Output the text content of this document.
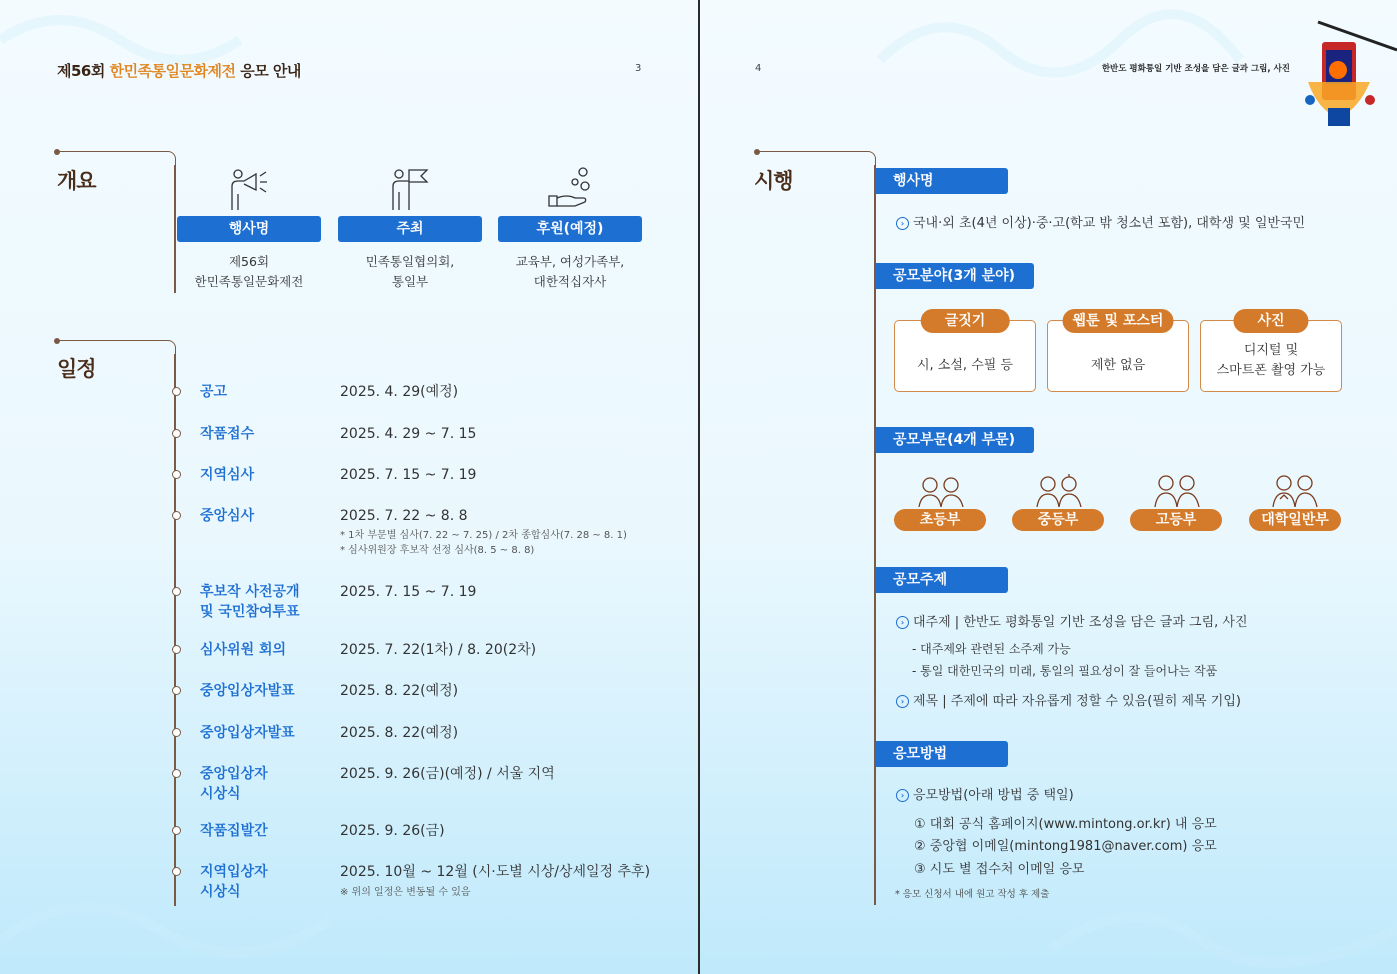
제56회 한민족통일문화제전 응모 안내	3	4	한반도 평화통일 기반 조성을 담은 글과 그림, 사진
개요
행사명
제56회
한민족통일문화제전
주최
민족통일협의회,
통일부
후원(예정)
교육부, 여성가족부,
대한적십자사
일정
공고	2025. 4. 29(예정)
작품접수	2025. 4. 29 ~ 7. 15
지역심사	2025. 7. 15 ~ 7. 19
중앙심사	2025. 7. 22 ~ 8. 8
* 1차 부문별 심사(7. 22 ~ 7. 25) / 2차 종합심사(7. 28 ~ 8. 1)
* 심사위원장 후보작 선정 심사(8. 5 ~ 8. 8)
후보작 사전공개
및 국민참여투표
2025. 7. 15 ~ 7. 19
심사위원 회의	2025. 7. 22(1차) / 8. 20(2차)
중앙입상자발표	2025. 8. 22(예정)
중앙입상자발표	2025. 8. 22(예정)
중앙입상자
시상식
2025. 9. 26(금)(예정) / 서울 지역
작품집발간	2025. 9. 26(금)
지역입상자
시상식
2025. 10월 ~ 12월 (시·도별 시상/상세일정 추후)
※ 위의 일정은 변동될 수 있음
시행	행사명
› 국내·외 초(4년 이상)·중·고(학교 밖 청소년 포함), 대학생 및 일반국민
공모분야(3개 분야)
글짓기
시, 소설, 수필 등
웹툰 및 포스터
제한 없음
사진
디지털 및
스마트폰 촬영 가능
공모부문(4개 부문)
초등부	중등부	고등부	대학일반부
공모주제
› 대주제 | 한반도 평화통일 기반 조성을 담은 글과 그림, 사진
- 대주제와 관련된 소주제 가능
- 통일 대한민국의 미래, 통일의 필요성이 잘 들어나는 작품
› 제목 | 주제에 따라 자유롭게 정할 수 있음(필히 제목 기입)
응모방법
› 응모방법(아래 방법 중 택일)
① 대회 공식 홈페이지(www.mintong.or.kr) 내 응모
② 중앙협 이메일(mintong1981@naver.com) 응모
③ 시도 별 접수처 이메일 응모
* 응모 신청서 내에 원고 작성 후 제출
